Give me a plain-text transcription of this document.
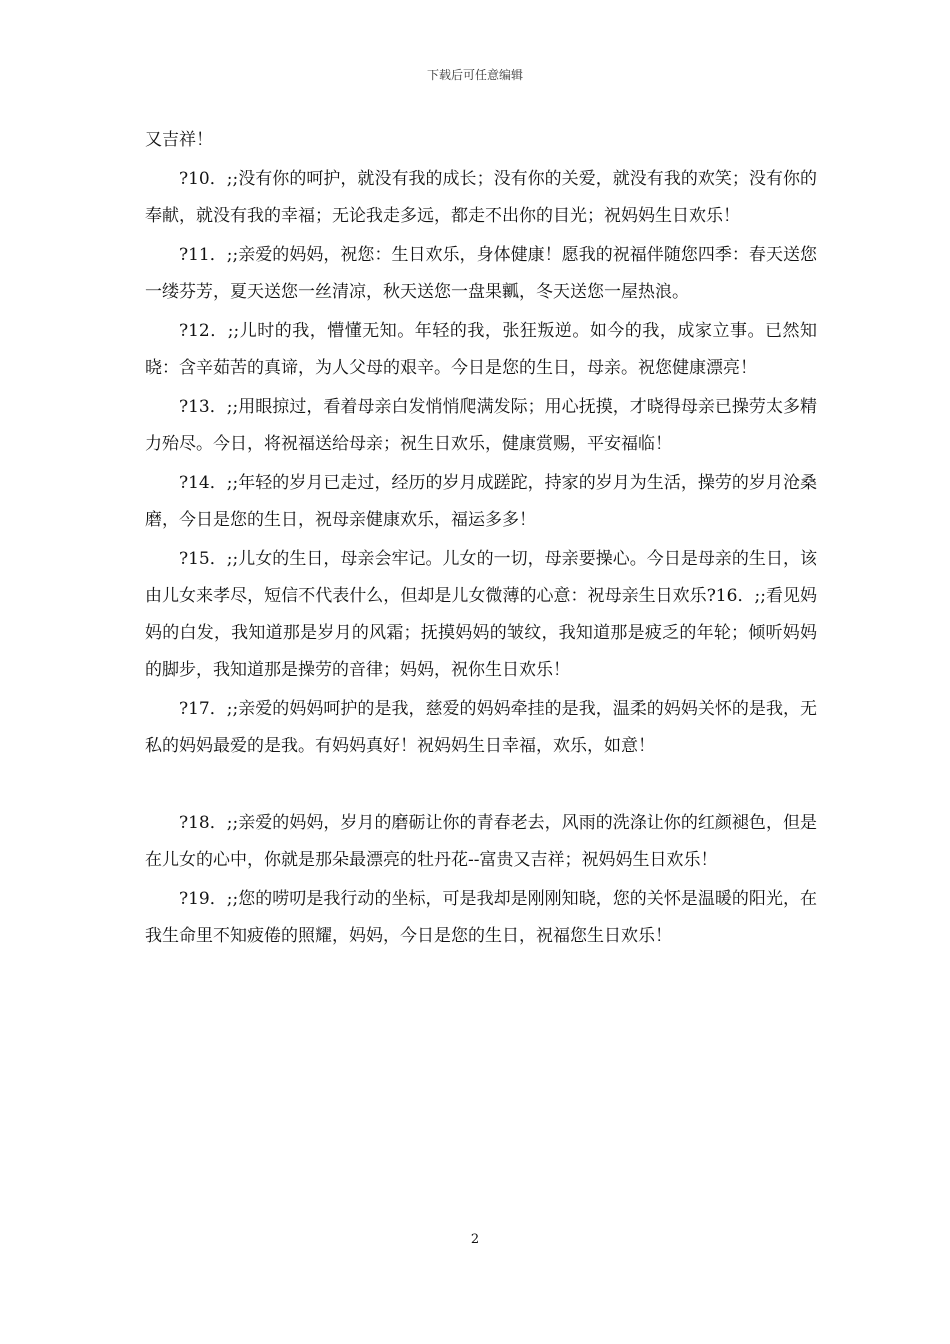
下载后可任意编辑

又吉祥！

?10．;;没有你的呵护，就没有我的成长；没有你的关爱，就没有我的欢笑；没有你的奉献，就没有我的幸福；无论我走多远，都走不出你的目光；祝妈妈生日欢乐！

?11．;;亲爱的妈妈，祝您：生日欢乐，身体健康！愿我的祝福伴随您四季：春天送您一缕芬芳，夏天送您一丝清凉，秋天送您一盘果瓤，冬天送您一屋热浪。

?12．;;儿时的我，懵懂无知。年轻的我，张狂叛逆。如今的我，成家立事。已然知晓：含辛茹苦的真谛，为人父母的艰辛。今日是您的生日，母亲。祝您健康漂亮！

?13．;;用眼掠过，看着母亲白发悄悄爬满发际；用心抚摸，才晓得母亲已操劳太多精力殆尽。今日，将祝福送给母亲；祝生日欢乐，健康赏赐，平安福临！

?14．;;年轻的岁月已走过，经历的岁月成蹉跎，持家的岁月为生活，操劳的岁月沧桑磨，今日是您的生日，祝母亲健康欢乐，福运多多！

?15．;;儿女的生日，母亲会牢记。儿女的一切，母亲要操心。今日是母亲的生日，该由儿女来孝尽，短信不代表什么，但却是儿女微薄的心意：祝母亲生日欢乐?16．;;看见妈妈的白发，我知道那是岁月的风霜；抚摸妈妈的皱纹，我知道那是疲乏的年轮；倾听妈妈的脚步，我知道那是操劳的音律；妈妈，祝你生日欢乐！

?17．;;亲爱的妈妈呵护的是我，慈爱的妈妈牵挂的是我，温柔的妈妈关怀的是我，无私的妈妈最爱的是我。有妈妈真好！祝妈妈生日幸福，欢乐，如意！

?18．;;亲爱的妈妈，岁月的磨砺让你的青春老去，风雨的洗涤让你的红颜褪色，但是在儿女的心中，你就是那朵最漂亮的牡丹花--富贵又吉祥；祝妈妈生日欢乐！

?19．;;您的唠叨是我行动的坐标，可是我却是刚刚知晓，您的关怀是温暖的阳光，在我生命里不知疲倦的照耀，妈妈，今日是您的生日，祝福您生日欢乐！

2
